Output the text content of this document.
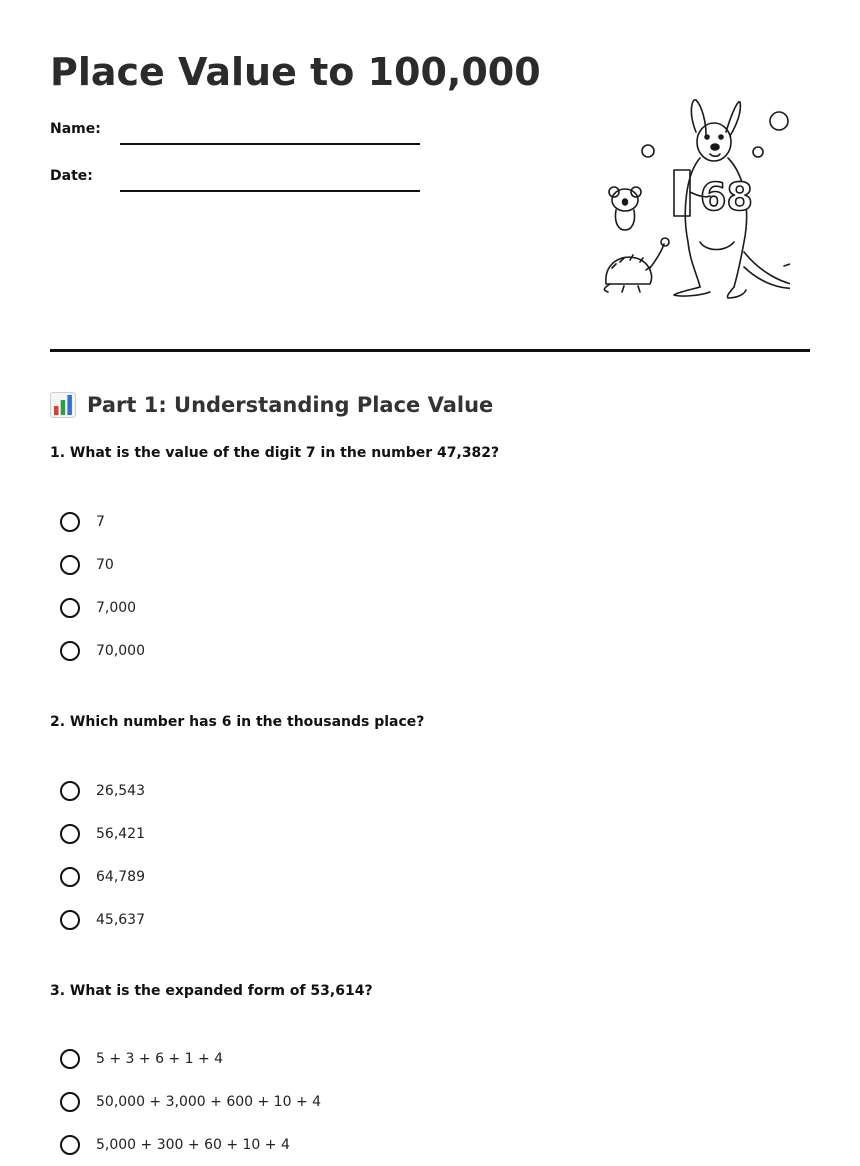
Place Value to 100,000
Name:
Date:	68
Part 1: Understanding Place Value

1. What is the value of the digit 7 in the number 47,382?

7
70
7,000
70,000

2. Which number has 6 in the thousands place?

26,543
56,421
64,789
45,637

3. What is the expanded form of 53,614?

5 + 3 + 6 + 1 + 4
50,000 + 3,000 + 600 + 10 + 4
5,000 + 300 + 60 + 10 + 4
